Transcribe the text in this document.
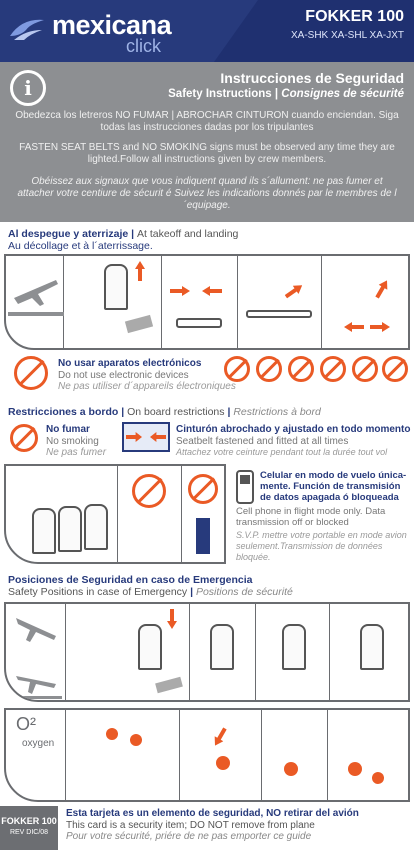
mexicana
click
FOKKER 100
XA-SHK XA-SHL XA-JXT
i	Instrucciones de Seguridad
Safety Instructions | Consignes de sécurité
Obedezca los letreros NO FUMAR | ABROCHAR CINTURON cuando enciendan. Siga todas las instrucciones dadas por los tripulantes
FASTEN SEAT BELTS and NO SMOKING signs must be observed any time they are lighted.Follow all instructions given by crew members.
Obéissez aux signaux que vous indiquent quand ils s´allument: ne pas fumer et attacher votre centiure de sécurit é Suivez les indications donnés par le membres de l´equipage.
Al despegue y aterrizaje | At takeoff and landing
Au décollage et à l´aterrissage.
No usar aparatos electrónicos
Do not use electronic devices
Ne pas utiliser d´appareils électroniques
Restricciones a bordo | On board restrictions | Restrictions à bord
No fumar
No smoking
Ne pas fumer
Cinturón abrochado y ajustado en todo momento
Seatbelt fastened and fitted at all times
Attachez votre ceinture pendant tout la durée tout vol
Celular en modo de vuelo única- mente. Función de transmisión de datos apagada ó bloqueada
Cell phone in flight mode only. Data transmission off or blocked
S.V.P. mettre votre portable en mode avion seulement.Transmission de données bloquée.
Posiciones de Seguridad en caso de Emergencia
Safety Positions in case of Emergency | Positions de sécurité
O²
oxygen
FOKKER 100
REV DIC/08
Esta tarjeta es un elemento de seguridad, NO retirar del avión
This card is a security item; DO NOT remove from plane
Pour votre sécurité, priére de ne pas emporter ce guide
